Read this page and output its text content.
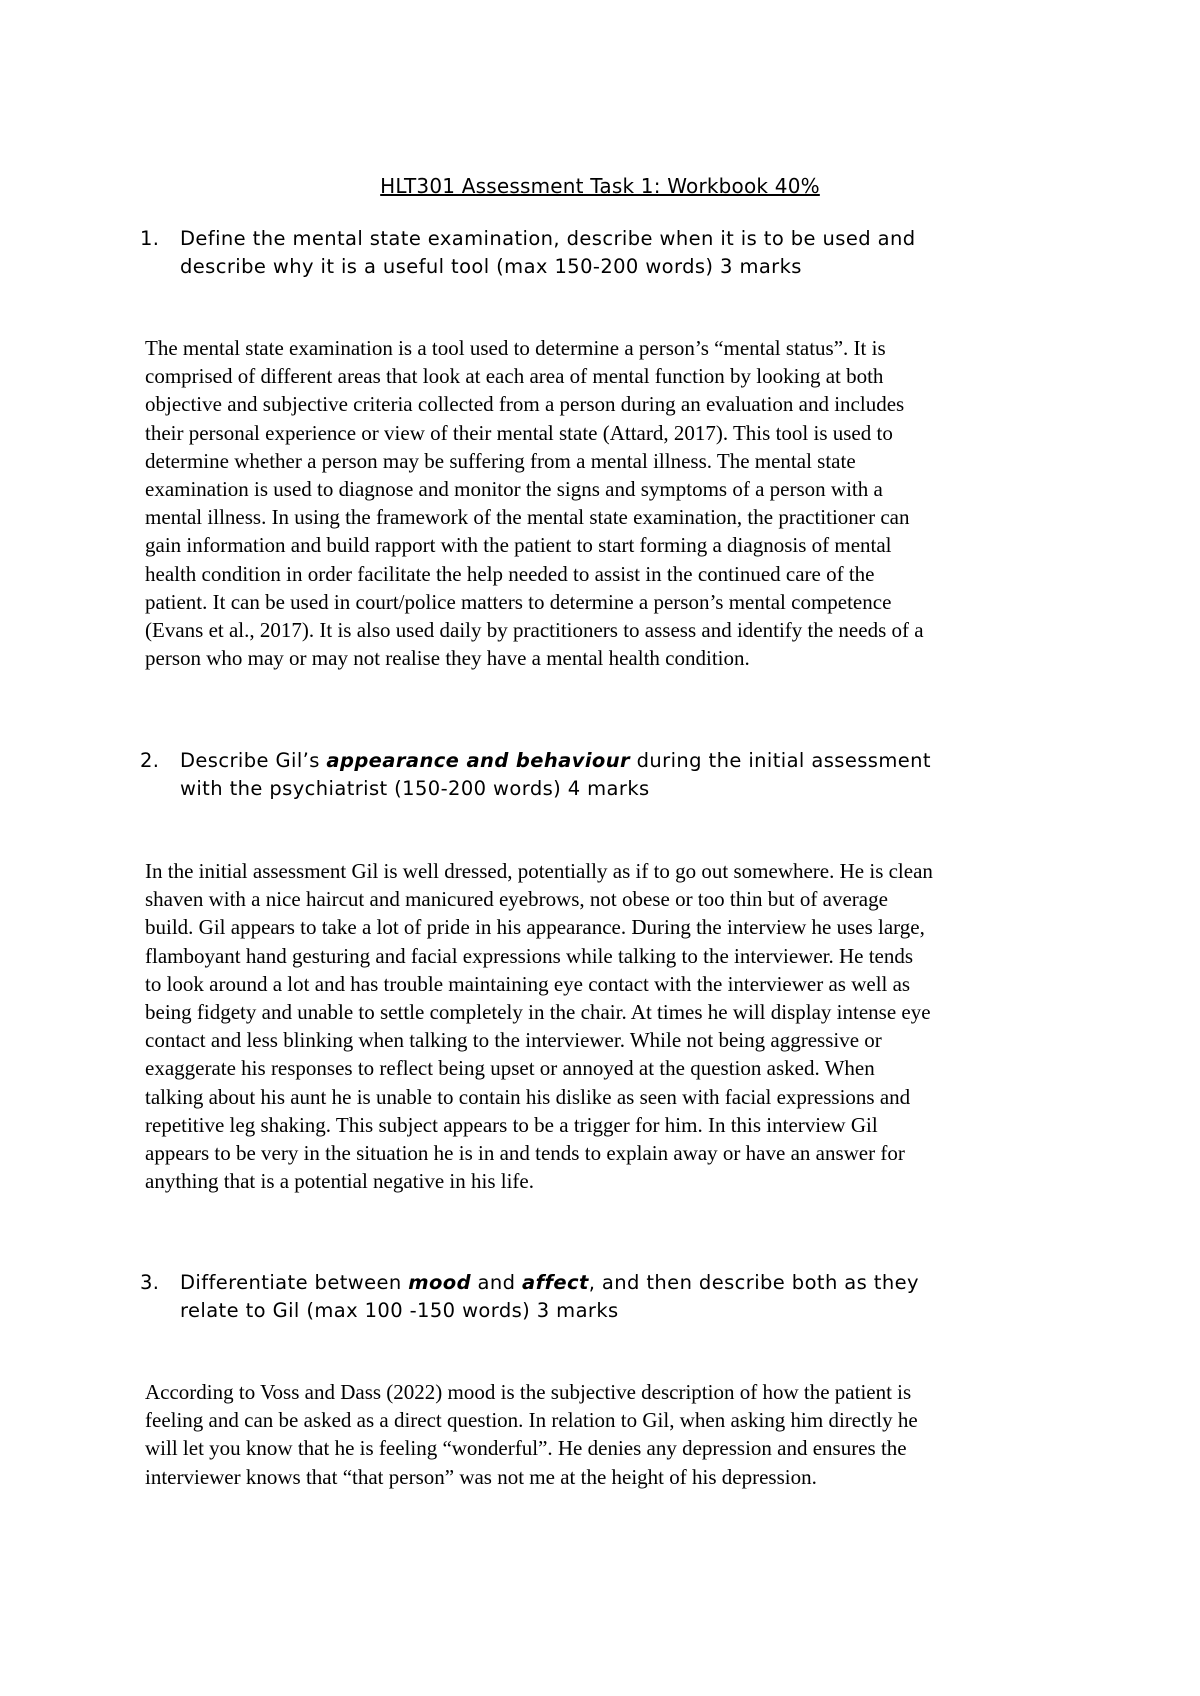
HLT301 Assessment Task 1: Workbook 40%
1. Define the mental state examination, describe when it is to be used and
describe why it is a useful tool (max 150-200 words) 3 marks
The mental state examination is a tool used to determine a person’s “mental status”. It is
comprised of different areas that look at each area of mental function by looking at both
objective and subjective criteria collected from a person during an evaluation and includes
their personal experience or view of their mental state (Attard, 2017). This tool is used to
determine whether a person may be suffering from a mental illness. The mental state
examination is used to diagnose and monitor the signs and symptoms of a person with a
mental illness. In using the framework of the mental state examination, the practitioner can
gain information and build rapport with the patient to start forming a diagnosis of mental
health condition in order facilitate the help needed to assist in the continued care of the
patient. It can be used in court/police matters to determine a person’s mental competence
(Evans et al., 2017). It is also used daily by practitioners to assess and identify the needs of a
person who may or may not realise they have a mental health condition.
2. Describe Gil’s appearance and behaviour during the initial assessment
with the psychiatrist (150-200 words) 4 marks
In the initial assessment Gil is well dressed, potentially as if to go out somewhere. He is clean
shaven with a nice haircut and manicured eyebrows, not obese or too thin but of average
build. Gil appears to take a lot of pride in his appearance. During the interview he uses large,
flamboyant hand gesturing and facial expressions while talking to the interviewer. He tends
to look around a lot and has trouble maintaining eye contact with the interviewer as well as
being fidgety and unable to settle completely in the chair. At times he will display intense eye
contact and less blinking when talking to the interviewer. While not being aggressive or
exaggerate his responses to reflect being upset or annoyed at the question asked. When
talking about his aunt he is unable to contain his dislike as seen with facial expressions and
repetitive leg shaking. This subject appears to be a trigger for him. In this interview Gil
appears to be very in the situation he is in and tends to explain away or have an answer for
anything that is a potential negative in his life.
3. Differentiate between mood and affect, and then describe both as they
relate to Gil (max 100 -150 words) 3 marks
According to Voss and Dass (2022) mood is the subjective description of how the patient is
feeling and can be asked as a direct question. In relation to Gil, when asking him directly he
will let you know that he is feeling “wonderful”. He denies any depression and ensures the
interviewer knows that “that person” was not me at the height of his depression.
